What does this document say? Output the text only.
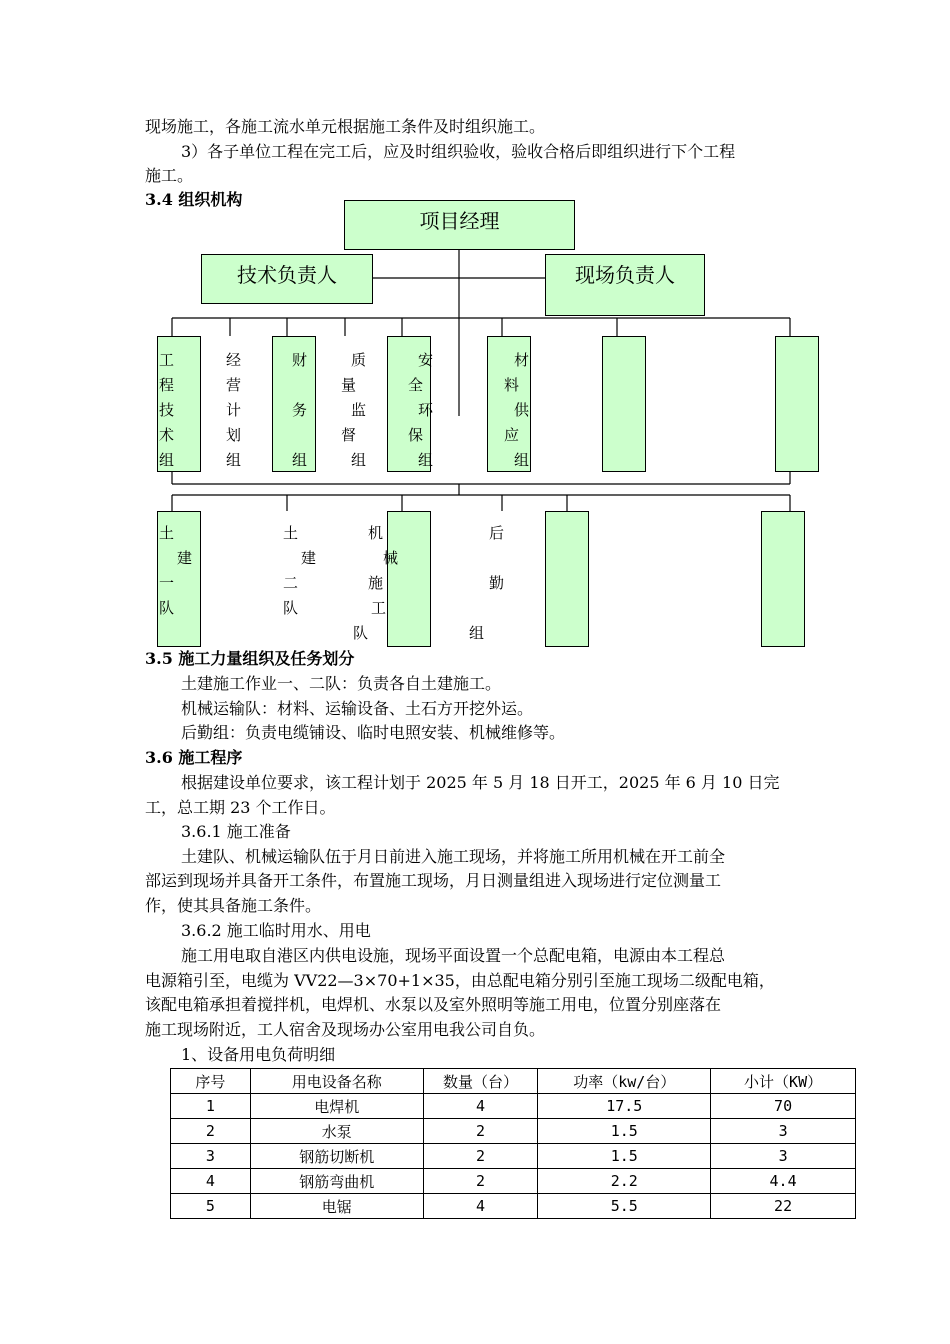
现场施工，各施工流水单元根据施工条件及时组织施工。
3）各子单位工程在完工后，应及时组织验收，验收合格后即组织进行下个工程
施工。
3.4 组织机构
项目经理
技术负责人	现场负责人
工
程
技
术
组
经
营
计
划
组
财
务
组
质
量
监
督
组
安
全
环
保
组
材
料
供
应
组
土
建
一
队
土
建
二
队
机
械
施
工
队
后
勤
组
3.5 施工力量组织及任务划分
土建施工作业一、二队：负责各自土建施工。
机械运输队：材料、运输设备、土石方开挖外运。
后勤组：负责电缆铺设、临时电照安装、机械维修等。
3.6 施工程序
根据建设单位要求，该工程计划于 2025 年 5 月 18 日开工，2025 年 6 月 10 日完
工，总工期 23 个工作日。
3.6.1 施工准备
土建队、机械运输队伍于月日前进入施工现场，并将施工所用机械在开工前全
部运到现场并具备开工条件，布置施工现场，月日测量组进入现场进行定位测量工
作，使其具备施工条件。
3.6.2 施工临时用水、用电
施工用电取自港区内供电设施，现场平面设置一个总配电箱，电源由本工程总
电源箱引至，电缆为 VV22—3×70+1×35，由总配电箱分别引至施工现场二级配电箱，
该配电箱承担着搅拌机，电焊机、水泵以及室外照明等施工用电，位置分别座落在
施工现场附近，工人宿舍及现场办公室用电我公司自负。
1、设备用电负荷明细
序号	用电设备名称	数量（台）	功率（kw/台）	小计（KW）
1	电焊机	4	17.5	70
2	水泵	2	1.5	3
3	钢筋切断机	2	1.5	3
4	钢筋弯曲机	2	2.2	4.4
5	电锯	4	5.5	22
